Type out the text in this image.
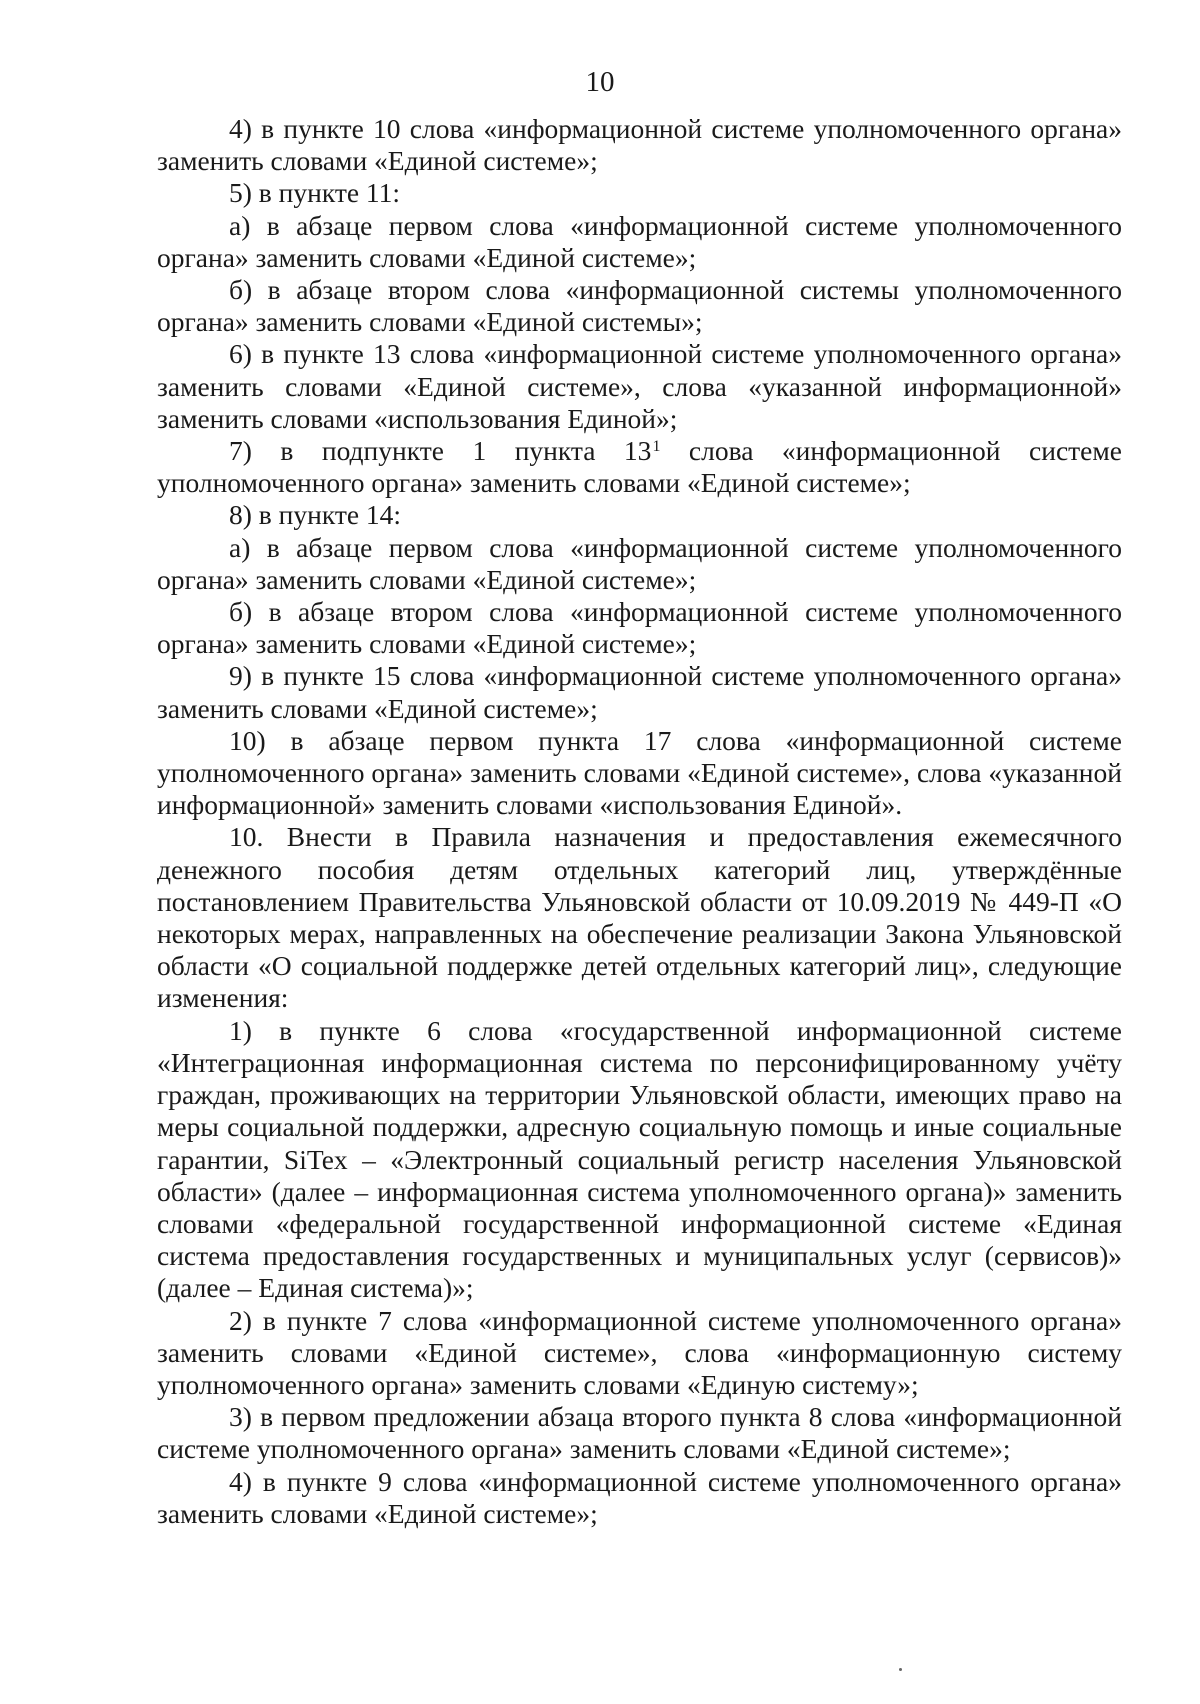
10

4) в пункте 10 слова «информационной системе уполномоченного органа» заменить словами «Единой системе»;

5) в пункте 11:

а) в абзаце первом слова «информационной системе уполномоченного органа» заменить словами «Единой системе»;

б) в абзаце втором слова «информационной системы уполномоченного органа» заменить словами «Единой системы»;

6) в пункте 13 слова «информационной системе уполномоченного органа» заменить словами «Единой системе», слова «указанной информационной» заменить словами «использования Единой»;

7) в подпункте 1 пункта $13^1$ слова «информационной системе уполномоченного органа» заменить словами «Единой системе»;

8) в пункте 14:

а) в абзаце первом слова «информационной системе уполномоченного органа» заменить словами «Единой системе»;

б) в абзаце втором слова «информационной системе уполномоченного органа» заменить словами «Единой системе»;

9) в пункте 15 слова «информационной системе уполномоченного органа» заменить словами «Единой системе»;

10) в абзаце первом пункта 17 слова «информационной системе уполномоченного органа» заменить словами «Единой системе», слова «указанной информационной» заменить словами «использования Единой».

10. Внести в Правила назначения и предоставления ежемесячного денежного пособия детям отдельных категорий лиц, утверждённые постановлением Правительства Ульяновской области от 10.09.2019 № 449-П «О некоторых мерах, направленных на обеспечение реализации Закона Ульяновской области «О социальной поддержке детей отдельных категорий лиц», следующие изменения:

1) в пункте 6 слова «государственной информационной системе «Интеграционная информационная система по персонифицированному учёту граждан, проживающих на территории Ульяновской области, имеющих право на меры социальной поддержки, адресную социальную помощь и иные социальные гарантии, SiTex – «Электронный социальный регистр населения Ульяновской области» (далее – информационная система уполномоченного органа)» заменить словами «федеральной государственной информационной системе «Единая система предоставления государственных и муниципальных услуг (сервисов)» (далее – Единая система)»;

2) в пункте 7 слова «информационной системе уполномоченного органа» заменить словами «Единой системе», слова «информационную систему уполномоченного органа» заменить словами «Единую систему»;

3) в первом предложении абзаца второго пункта 8 слова «информационной системе уполномоченного органа» заменить словами «Единой системе»;

4) в пункте 9 слова «информационной системе уполномоченного органа» заменить словами «Единой системе»;
